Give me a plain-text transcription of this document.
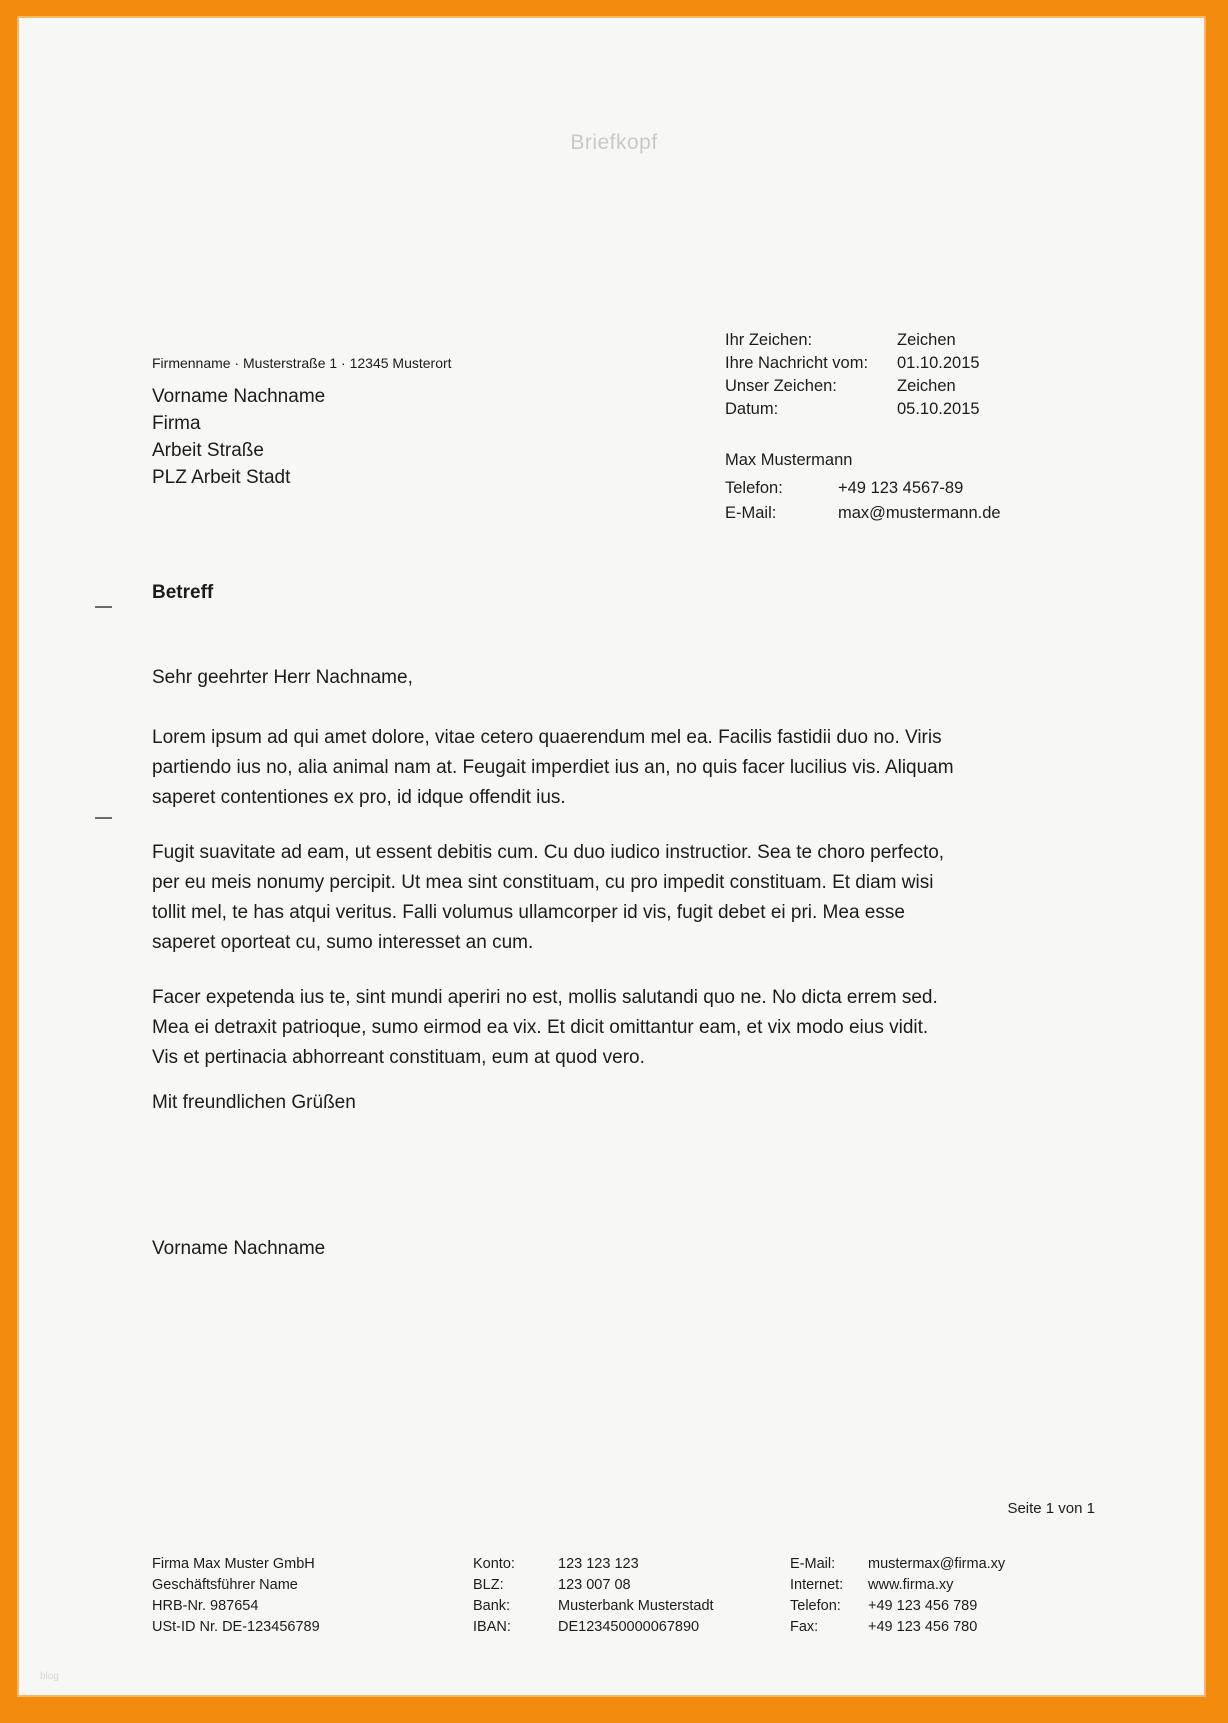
Briefkopf
Firmenname · Musterstraße 1 · 12345 Musterort
Vorname Nachname
Firma
Arbeit Straße
PLZ Arbeit Stadt
Ihr Zeichen:	Zeichen
Ihre Nachricht vom:	01.10.2015
Unser Zeichen:	Zeichen
Datum:	05.10.2015
Max Mustermann
Telefon:	+49 123 4567-89
E-Mail:	max@mustermann.de
Betreff
Sehr geehrter Herr Nachname,
Lorem ipsum ad qui amet dolore, vitae cetero quaerendum mel ea. Facilis fastidii duo no. Viris
partiendo ius no, alia animal nam at. Feugait imperdiet ius an, no quis facer lucilius vis. Aliquam
saperet contentiones ex pro, id idque offendit ius.
Fugit suavitate ad eam, ut essent debitis cum. Cu duo iudico instructior. Sea te choro perfecto,
per eu meis nonumy percipit. Ut mea sint constituam, cu pro impedit constituam. Et diam wisi
tollit mel, te has atqui veritus. Falli volumus ullamcorper id vis, fugit debet ei pri. Mea esse
saperet oporteat cu, sumo interesset an cum.
Facer expetenda ius te, sint mundi aperiri no est, mollis salutandi quo ne. No dicta errem sed.
Mea ei detraxit patrioque, sumo eirmod ea vix. Et dicit omittantur eam, et vix modo eius vidit.
Vis et pertinacia abhorreant constituam, eum at quod vero.
Mit freundlichen Grüßen
Vorname Nachname
Seite 1 von 1
Firma Max Muster GmbH
Geschäftsführer Name
HRB-Nr. 987654
USt-ID Nr. DE-123456789
Konto:	123 123 123
BLZ:	123 007 08
Bank:	Musterbank Musterstadt
IBAN:	DE123450000067890
E-Mail:	mustermax@firma.xy
Internet:	www.firma.xy
Telefon:	+49 123 456 789
Fax:	+49 123 456 780
blog
